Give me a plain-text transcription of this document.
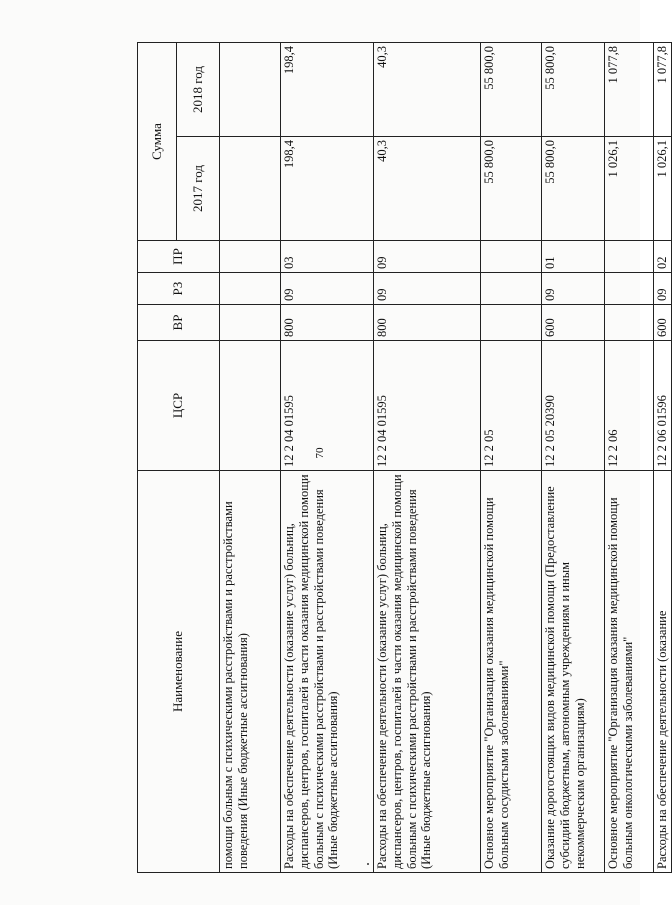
70
Наименование	ЦСР	ВР	РЗ	ПР	Сумма	
					2017 год	2018 год
помощи больным с психическими расстройствами и расстройствами поведения (Иные бюджетные ассигнования)						
Расходы на обеспечение деятельности (оказание услуг) больниц, диспансеров, центров, госпиталей в части оказания медицинской помощи больным с психическими расстройствами и расстройствами поведения (Иные бюджетные ассигнования)	12 2 04 01595	800	09	03	198,4	198,4
Расходы на обеспечение деятельности (оказание услуг) больниц, диспансеров, центров, госпиталей в части оказания медицинской помощи больным с психическими расстройствами и расстройствами поведения (Иные бюджетные ассигнования)	12 2 04 01595	800	09	09	40,3	40,3
Основное мероприятие "Организация оказания медицинской помощи больным сосудистыми заболеваниями"	12 2 05				55 800,0	55 800,0
Оказание дорогостоящих видов медицинской помощи (Предоставление субсидий бюджетным, автономным учреждениям и иным некоммерческим организациям)	12 2 05 20390	600	09	01	55 800,0	55 800,0
Основное мероприятие "Организация оказания медицинской помощи больным онкологическими заболеваниями"	12 2 06				1 026,1	1 077,8
Расходы на обеспечение деятельности (оказание	12 2 06 01596	600	09	02	1 026,1	1 077,8
